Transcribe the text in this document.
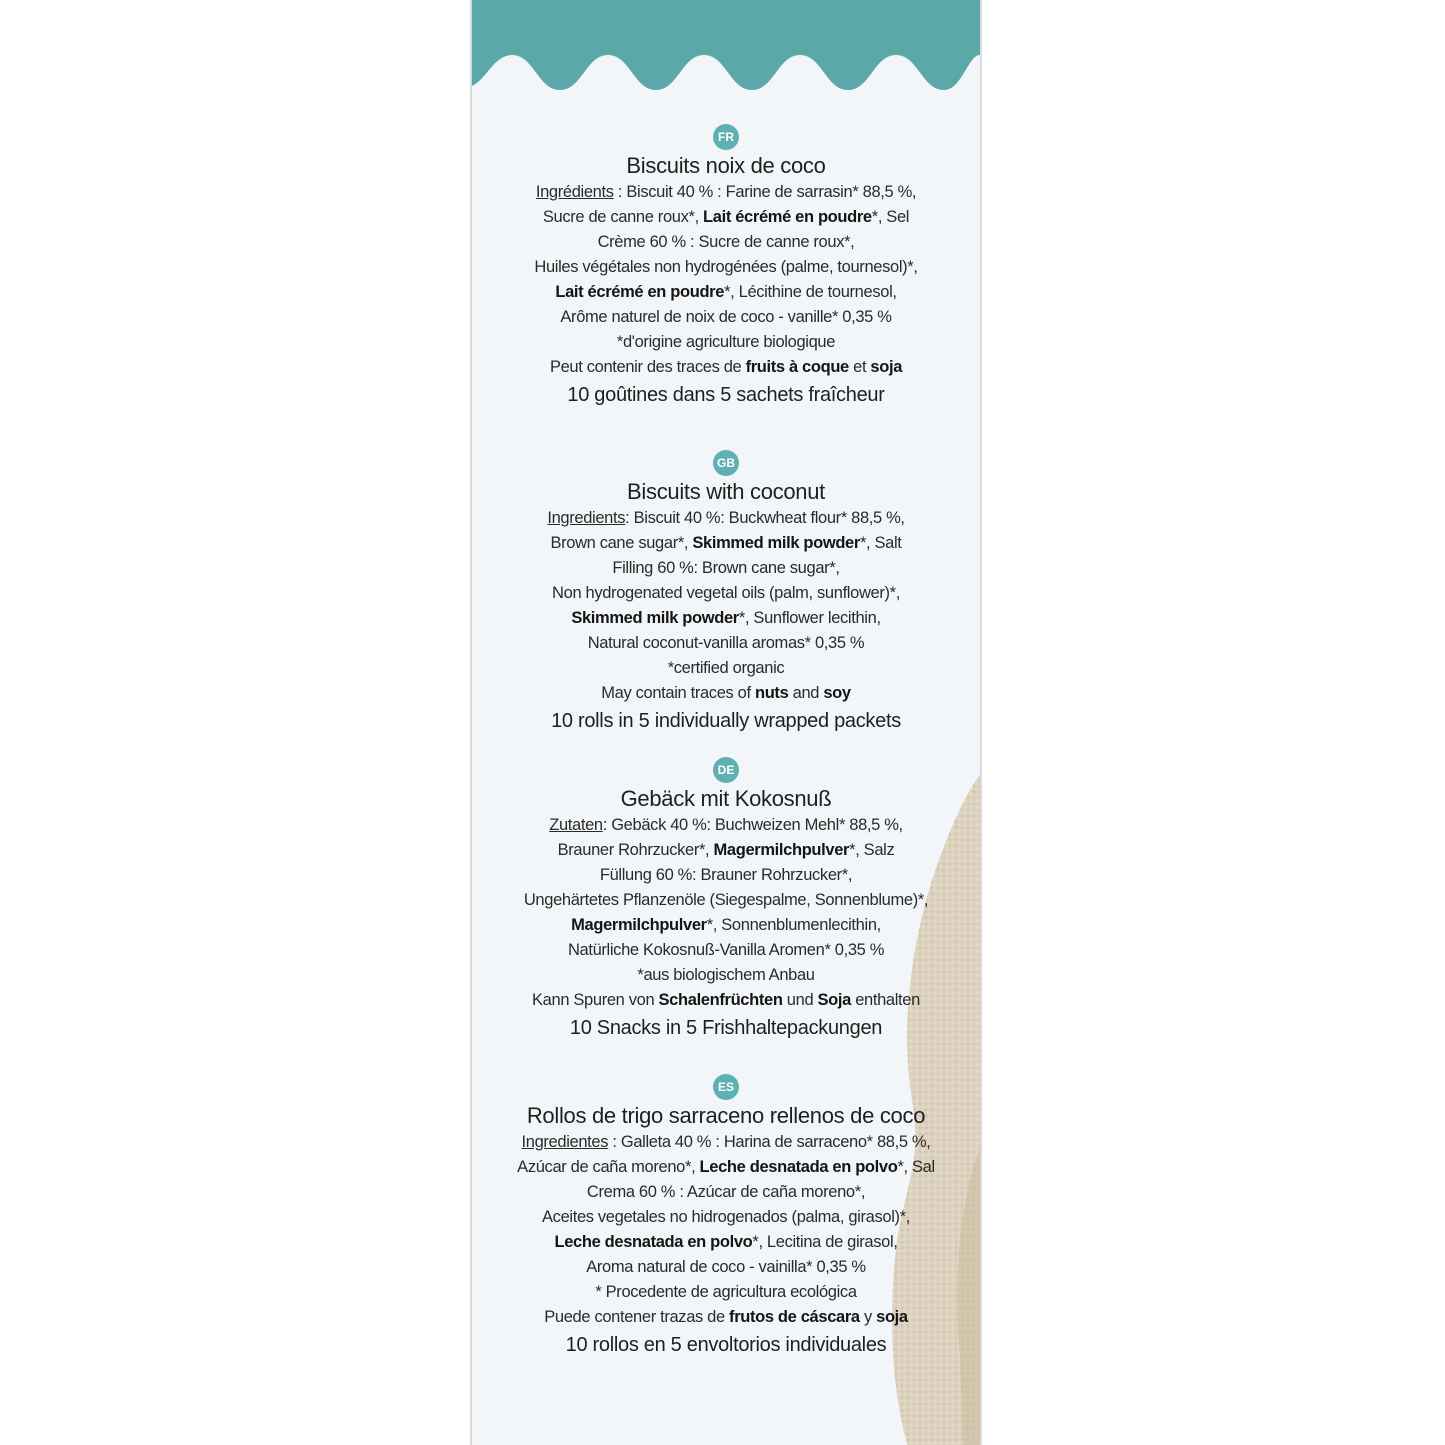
FR
Biscuits noix de coco
Ingrédients : Biscuit 40 % : Farine de sarrasin* 88,5 %,
Sucre de canne roux*, Lait écrémé en poudre*, Sel
Crème 60 % : Sucre de canne roux*,
Huiles végétales non hydrogénées (palme, tournesol)*,
Lait écrémé en poudre*, Lécithine de tournesol,
Arôme naturel de noix de coco - vanille* 0,35 %
*d'origine agriculture biologique
Peut contenir des traces de fruits à coque et soja
10 goûtines dans 5 sachets fraîcheur
GB
Biscuits with coconut
Ingredients: Biscuit 40 %: Buckwheat flour* 88,5 %,
Brown cane sugar*, Skimmed milk powder*, Salt
Filling 60 %: Brown cane sugar*,
Non hydrogenated vegetal oils (palm, sunflower)*,
Skimmed milk powder*, Sunflower lecithin,
Natural coconut-vanilla aromas* 0,35 %
*certified organic
May contain traces of nuts and soy
10 rolls in 5 individually wrapped packets
DE
Gebäck mit Kokosnuß
Zutaten: Gebäck 40 %: Buchweizen Mehl* 88,5 %,
Brauner Rohrzucker*, Magermilchpulver*, Salz
Füllung 60 %: Brauner Rohrzucker*,
Ungehärtetes Pflanzenöle (Siegespalme, Sonnenblume)*,
Magermilchpulver*, Sonnenblumenlecithin,
Natürliche Kokosnuß-Vanilla Aromen* 0,35 %
*aus biologischem Anbau
Kann Spuren von Schalenfrüchten und Soja enthalten
10 Snacks in 5 Frishhaltepackungen
ES
Rollos de trigo sarraceno rellenos de coco
Ingredientes : Galleta 40 % : Harina de sarraceno* 88,5 %,
Azúcar de caña moreno*, Leche desnatada en polvo*, Sal
Crema 60 % : Azúcar de caña moreno*,
Aceites vegetales no hidrogenados (palma, girasol)*,
Leche desnatada en polvo*, Lecitina de girasol,
Aroma natural de coco - vainilla* 0,35 %
* Procedente de agricultura ecológica
Puede contener trazas de frutos de cáscara y soja
10 rollos en 5 envoltorios individuales
